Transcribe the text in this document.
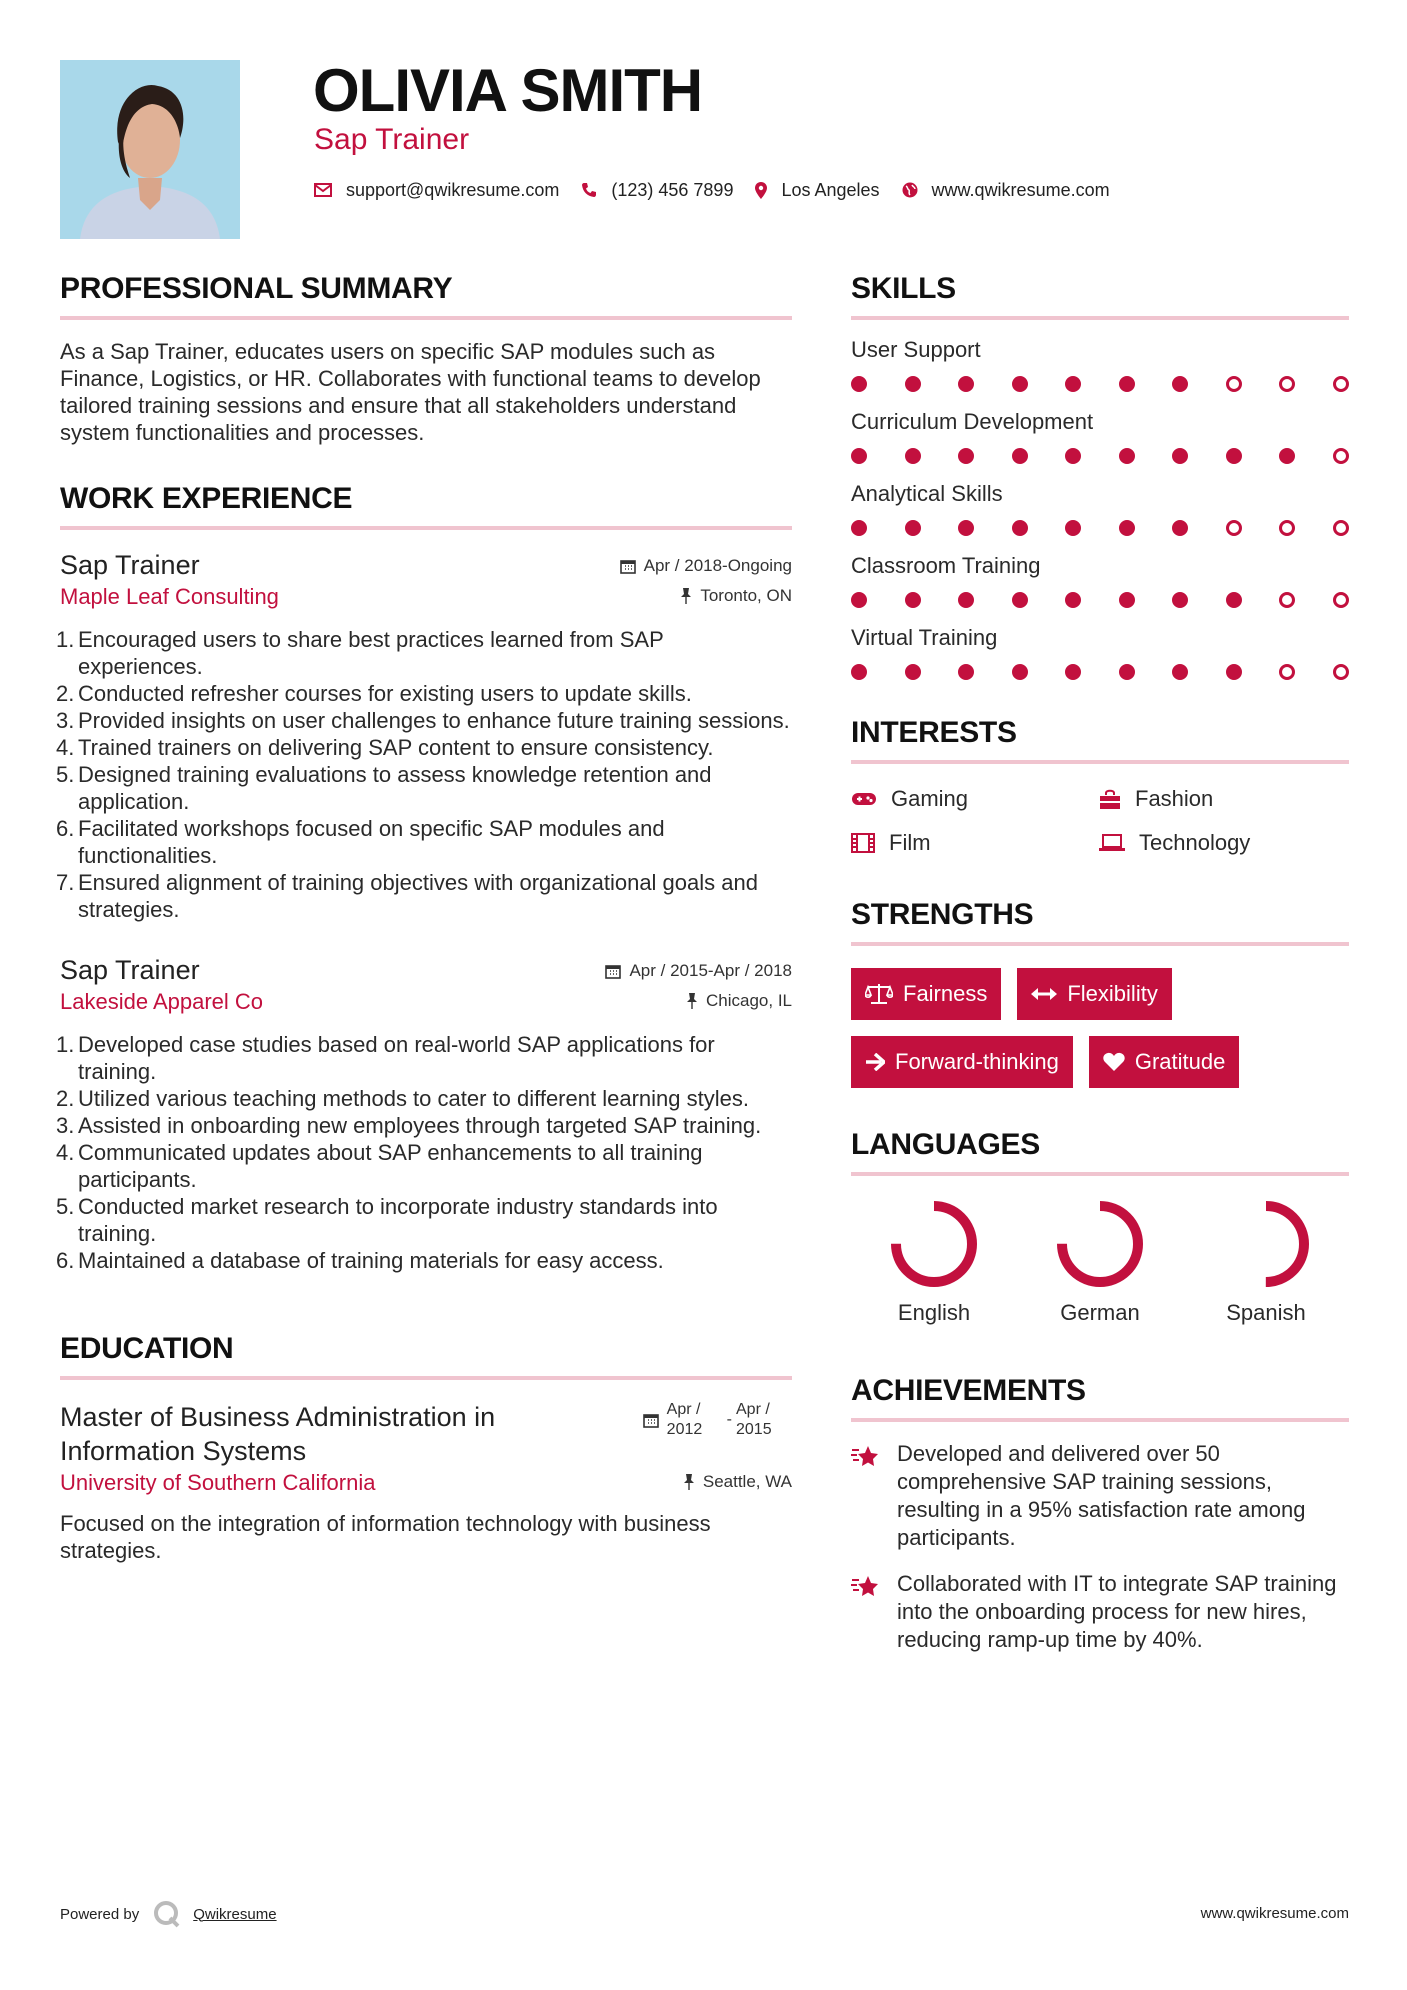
OLIVIA SMITH
Sap Trainer
support@qwikresume.com	(123) 456 7899	Los Angeles	www.qwikresume.com
PROFESSIONAL SUMMARY
As a Sap Trainer, educates users on specific SAP modules such as Finance, Logistics, or HR. Collaborates with functional teams to develop tailored training sessions and ensure that all stakeholders understand system functionalities and processes.
WORK EXPERIENCE
Sap Trainer	Apr / 2018-Ongoing
Maple Leaf Consulting	Toronto, ON
Encouraged users to share best practices learned from SAP experiences.
Conducted refresher courses for existing users to update skills.
Provided insights on user challenges to enhance future training sessions.
Trained trainers on delivering SAP content to ensure consistency.
Designed training evaluations to assess knowledge retention and application.
Facilitated workshops focused on specific SAP modules and functionalities.
Ensured alignment of training objectives with organizational goals and strategies.
Sap Trainer	Apr / 2015-Apr / 2018
Lakeside Apparel Co	Chicago, IL
Developed case studies based on real-world SAP applications for training.
Utilized various teaching methods to cater to different learning styles.
Assisted in onboarding new employees through targeted SAP training.
Communicated updates about SAP enhancements to all training participants.
Conducted market research to incorporate industry standards into training.
Maintained a database of training materials for easy access.
EDUCATION
Master of Business Administration in Information Systems
Apr / 2012
-
Apr / 2015
University of Southern California	Seattle, WA
Focused on the integration of information technology with business strategies.
SKILLS
User Support
Curriculum Development
Analytical Skills
Classroom Training
Virtual Training
INTERESTS
Gaming	Fashion
Film	Technology
STRENGTHS
Fairness	Flexibility
Forward-thinking	Gratitude
LANGUAGES
English	German	Spanish
ACHIEVEMENTS
Developed and delivered over 50 comprehensive SAP training sessions, resulting in a 95% satisfaction rate among participants.
Collaborated with IT to integrate SAP training into the onboarding process for new hires, reducing ramp-up time by 40%.
Powered by	Qwikresume	www.qwikresume.com
